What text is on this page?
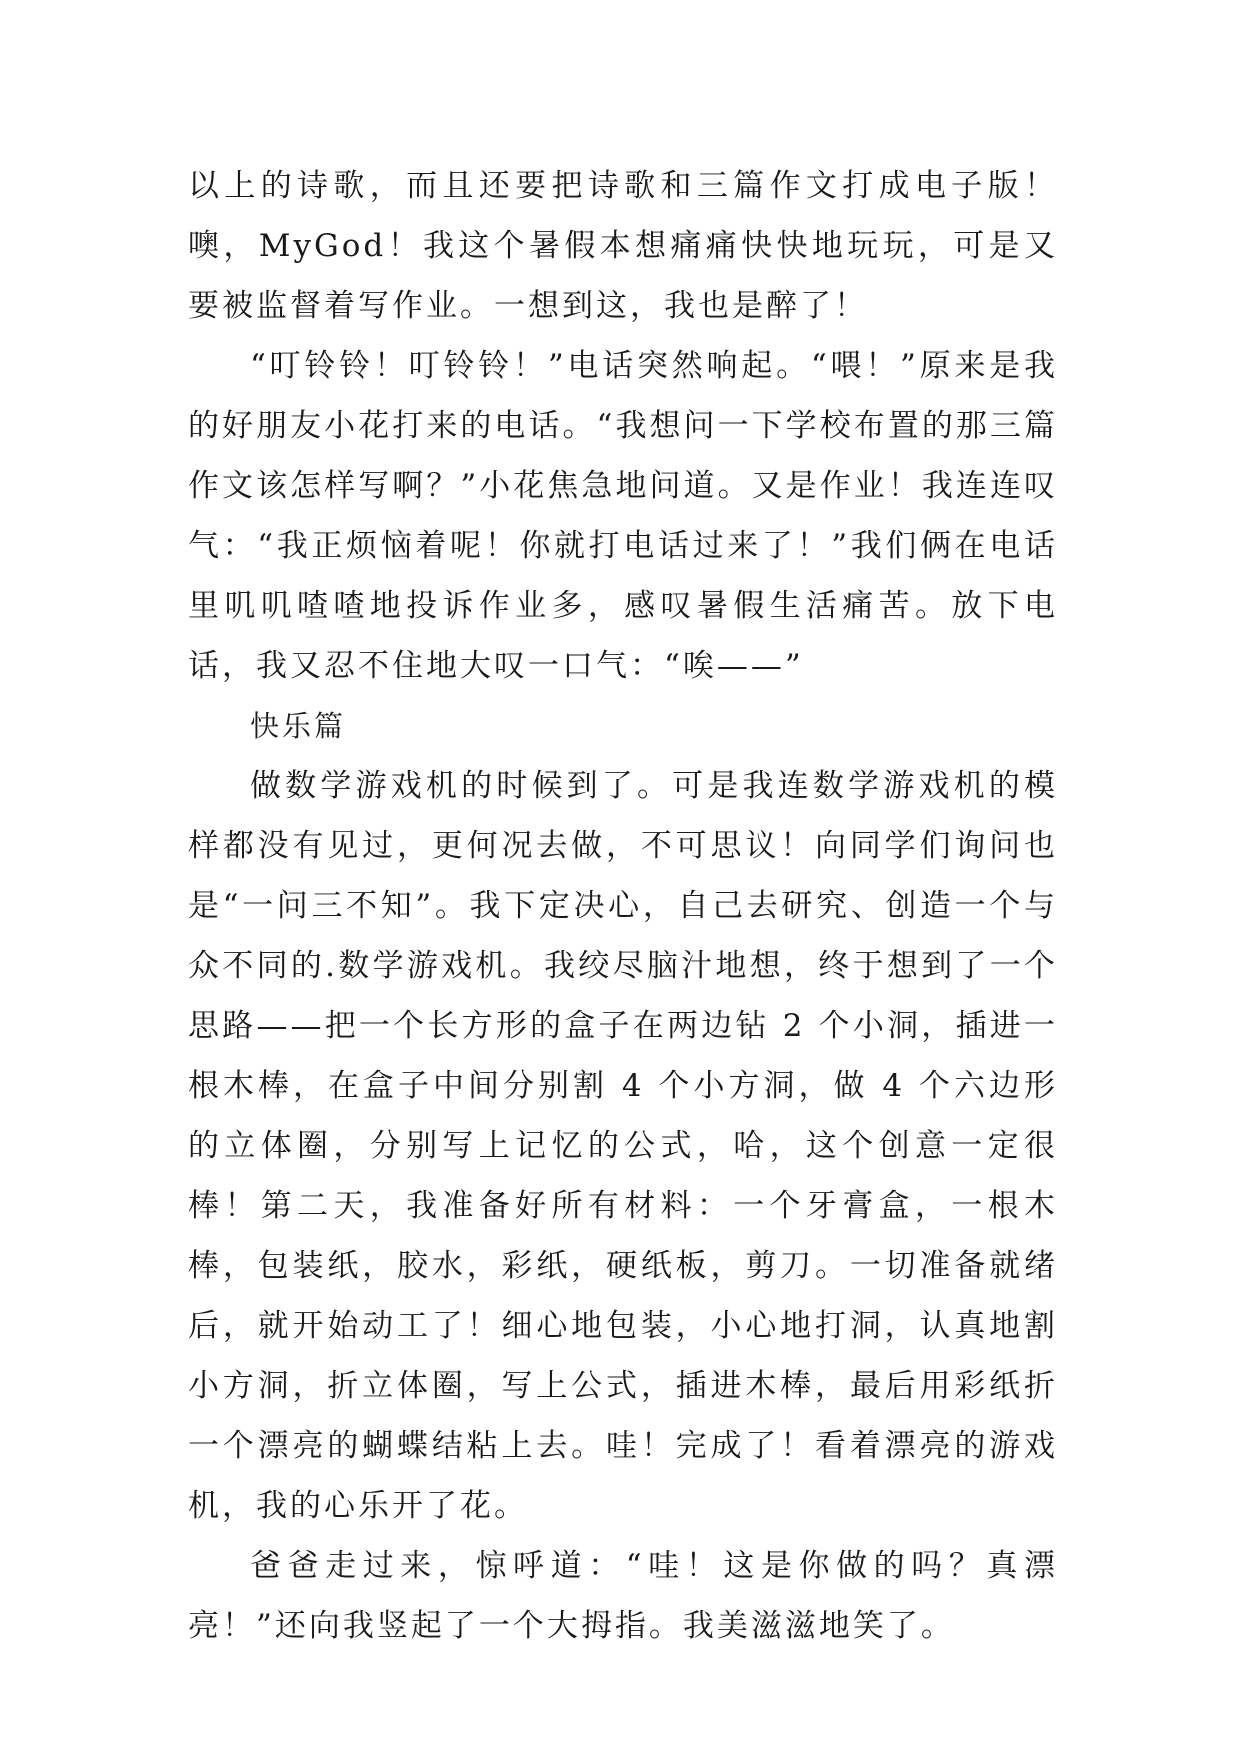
以上的诗歌，而且还要把诗歌和三篇作文打成电子版！噢，MyGod！我这个暑假本想痛痛快快地玩玩，可是又要被监督着写作业。一想到这，我也是醉了！

“叮铃铃！叮铃铃！”电话突然响起。“喂！”原来是我的好朋友小花打来的电话。“我想问一下学校布置的那三篇作文该怎样写啊？”小花焦急地问道。又是作业！我连连叹气：“我正烦恼着呢！你就打电话过来了！”我们俩在电话里叽叽喳喳地投诉作业多，感叹暑假生活痛苦。放下电话，我又忍不住地大叹一口气：“唉——”

快乐篇

做数学游戏机的时候到了。可是我连数学游戏机的模样都没有见过，更何况去做，不可思议！向同学们询问也是“一问三不知”。我下定决心，自己去研究、创造一个与众不同的.数学游戏机。我绞尽脑汁地想，终于想到了一个思路——把一个长方形的盒子在两边钻 2 个小洞，插进一根木棒，在盒子中间分别割 4 个小方洞，做 4 个六边形的立体圈，分别写上记忆的公式，哈，这个创意一定很棒！第二天，我准备好所有材料：一个牙膏盒，一根木棒，包装纸，胶水，彩纸，硬纸板，剪刀。一切准备就绪后，就开始动工了！细心地包装，小心地打洞，认真地割小方洞，折立体圈，写上公式，插进木棒，最后用彩纸折一个漂亮的蝴蝶结粘上去。哇！完成了！看着漂亮的游戏机，我的心乐开了花。

爸爸走过来，惊呼道：“哇！这是你做的吗？真漂亮！”还向我竖起了一个大拇指。我美滋滋地笑了。
